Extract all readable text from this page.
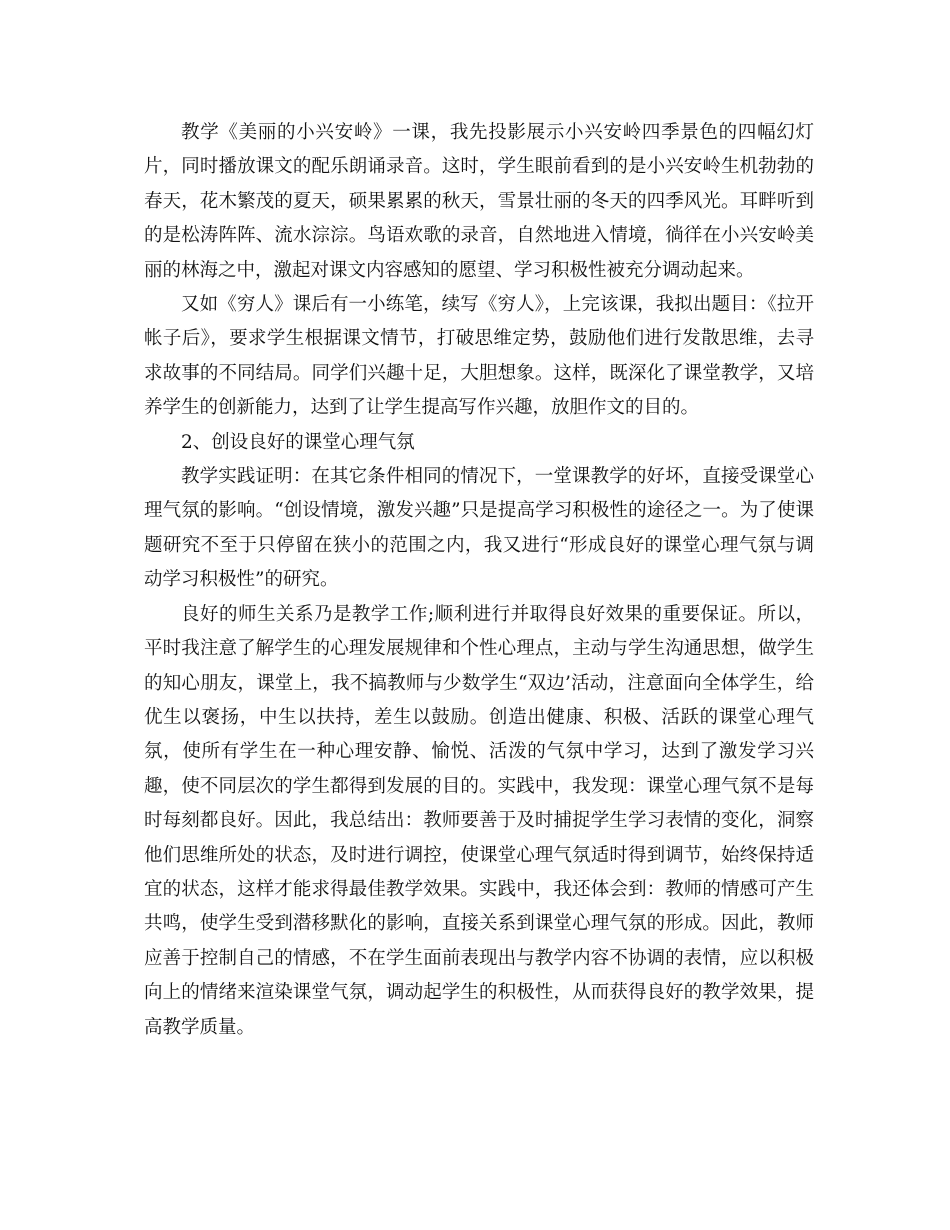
教学《美丽的小兴安岭》一课，我先投影展示小兴安岭四季景色的四幅幻灯片，同时播放课文的配乐朗诵录音。这时，学生眼前看到的是小兴安岭生机勃勃的春天，花木繁茂的夏天，硕果累累的秋天，雪景壮丽的冬天的四季风光。耳畔听到的是松涛阵阵、流水淙淙。鸟语欢歌的录音，自然地进入情境，徜徉在小兴安岭美丽的林海之中，激起对课文内容感知的愿望、学习积极性被充分调动起来。

又如《穷人》课后有一小练笔，续写《穷人》，上完该课，我拟出题目：《拉开帐子后》，要求学生根据课文情节，打破思维定势，鼓励他们进行发散思维，去寻求故事的不同结局。同学们兴趣十足，大胆想象。这样，既深化了课堂教学，又培养学生的创新能力，达到了让学生提高写作兴趣，放胆作文的目的。

2、创设良好的课堂心理气氛

教学实践证明：在其它条件相同的情况下，一堂课教学的好坏，直接受课堂心理气氛的影响。“创设情境，激发兴趣”只是提高学习积极性的途径之一。为了使课题研究不至于只停留在狭小的范围之内，我又进行“形成良好的课堂心理气氛与调动学习积极性”的研究。

良好的师生关系乃是教学工作;顺利进行并取得良好效果的重要保证。所以，平时我注意了解学生的心理发展规律和个性心理点，主动与学生沟通思想，做学生的知心朋友，课堂上，我不搞教师与少数学生“双边’活动，注意面向全体学生，给优生以褒扬，中生以扶持，差生以鼓励。创造出健康、积极、活跃的课堂心理气氛，使所有学生在一种心理安静、愉悦、活泼的气氛中学习，达到了激发学习兴趣，使不同层次的学生都得到发展的目的。实践中，我发现：课堂心理气氛不是每时每刻都良好。因此，我总结出：教师要善于及时捕捉学生学习表情的变化，洞察他们思维所处的状态，及时进行调控，使课堂心理气氛适时得到调节，始终保持适宜的状态，这样才能求得最佳教学效果。实践中，我还体会到：教师的情感可产生共鸣，使学生受到潜移默化的影响，直接关系到课堂心理气氛的形成。因此，教师应善于控制自己的情感，不在学生面前表现出与教学内容不协调的表情，应以积极向上的情绪来渲染课堂气氛，调动起学生的积极性，从而获得良好的教学效果，提高教学质量。
